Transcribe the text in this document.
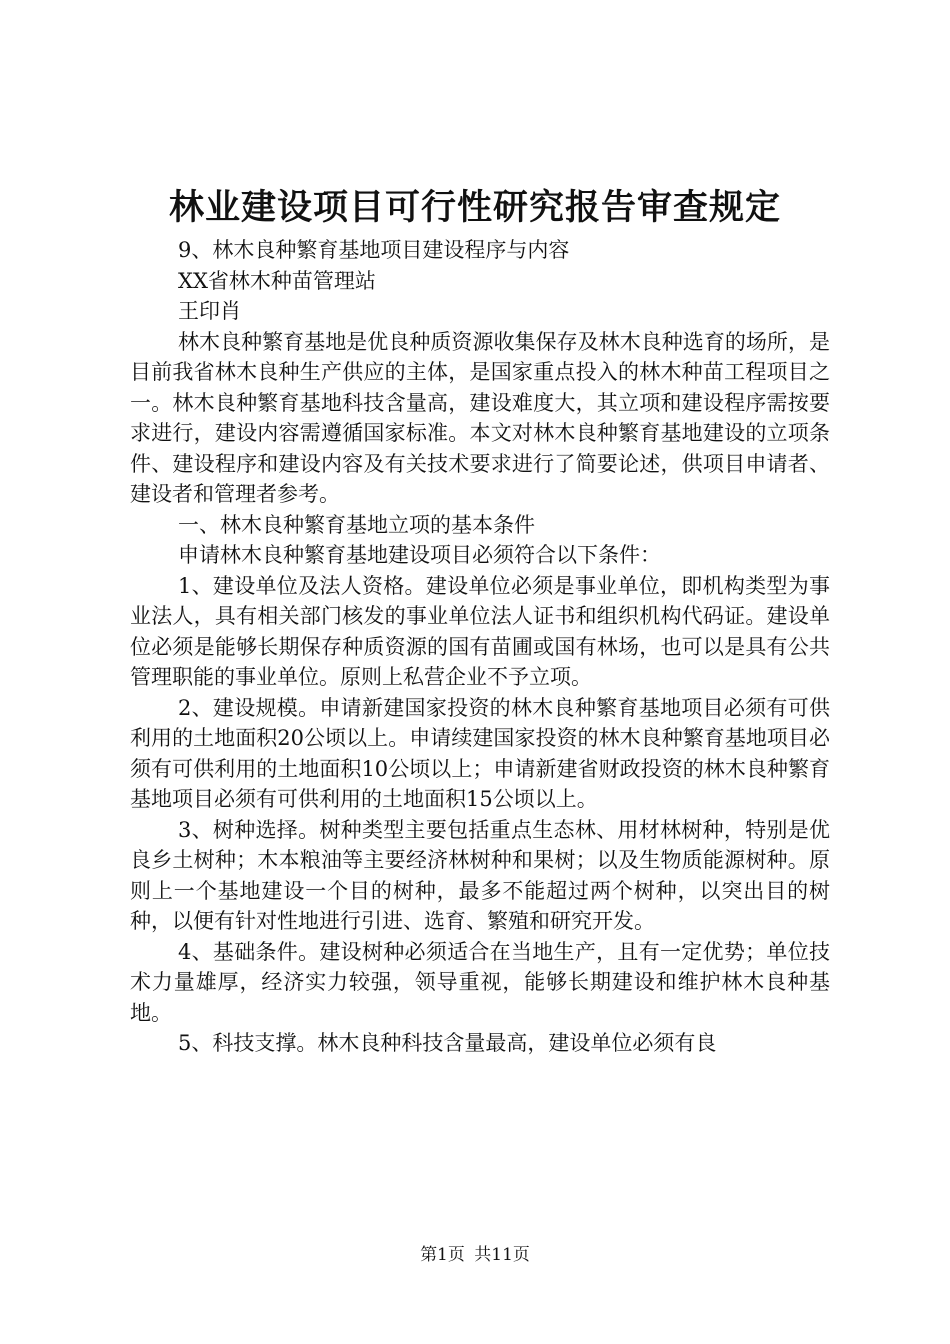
林业建设项目可行性研究报告审查规定

9、林木良种繁育基地项目建设程序与内容

XX省林木种苗管理站

王印肖

林木良种繁育基地是优良种质资源收集保存及林木良种选育的场所，是目前我省林木良种生产供应的主体，是国家重点投入的林木种苗工程项目之一。林木良种繁育基地科技含量高，建设难度大，其立项和建设程序需按要求进行，建设内容需遵循国家标准。本文对林木良种繁育基地建设的立项条件、建设程序和建设内容及有关技术要求进行了简要论述，供项目申请者、建设者和管理者参考。

一、林木良种繁育基地立项的基本条件

申请林木良种繁育基地建设项目必须符合以下条件：

1、建设单位及法人资格。建设单位必须是事业单位，即机构类型为事业法人，具有相关部门核发的事业单位法人证书和组织机构代码证。建设单位必须是能够长期保存种质资源的国有苗圃或国有林场，也可以是具有公共管理职能的事业单位。原则上私营企业不予立项。

2、建设规模。申请新建国家投资的林木良种繁育基地项目必须有可供利用的土地面积20公顷以上。申请续建国家投资的林木良种繁育基地项目必须有可供利用的土地面积10公顷以上；申请新建省财政投资的林木良种繁育基地项目必须有可供利用的土地面积15公顷以上。

3、树种选择。树种类型主要包括重点生态林、用材林树种，特别是优良乡土树种；木本粮油等主要经济林树种和果树；以及生物质能源树种。原则上一个基地建设一个目的树种，最多不能超过两个树种，以突出目的树种，以便有针对性地进行引进、选育、繁殖和研究开发。

4、基础条件。建设树种必须适合在当地生产，且有一定优势；单位技术力量雄厚，经济实力较强，领导重视，能够长期建设和维护林木良种基地。

5、科技支撑。林木良种科技含量最高，建设单位必须有良

第1页 共11页
